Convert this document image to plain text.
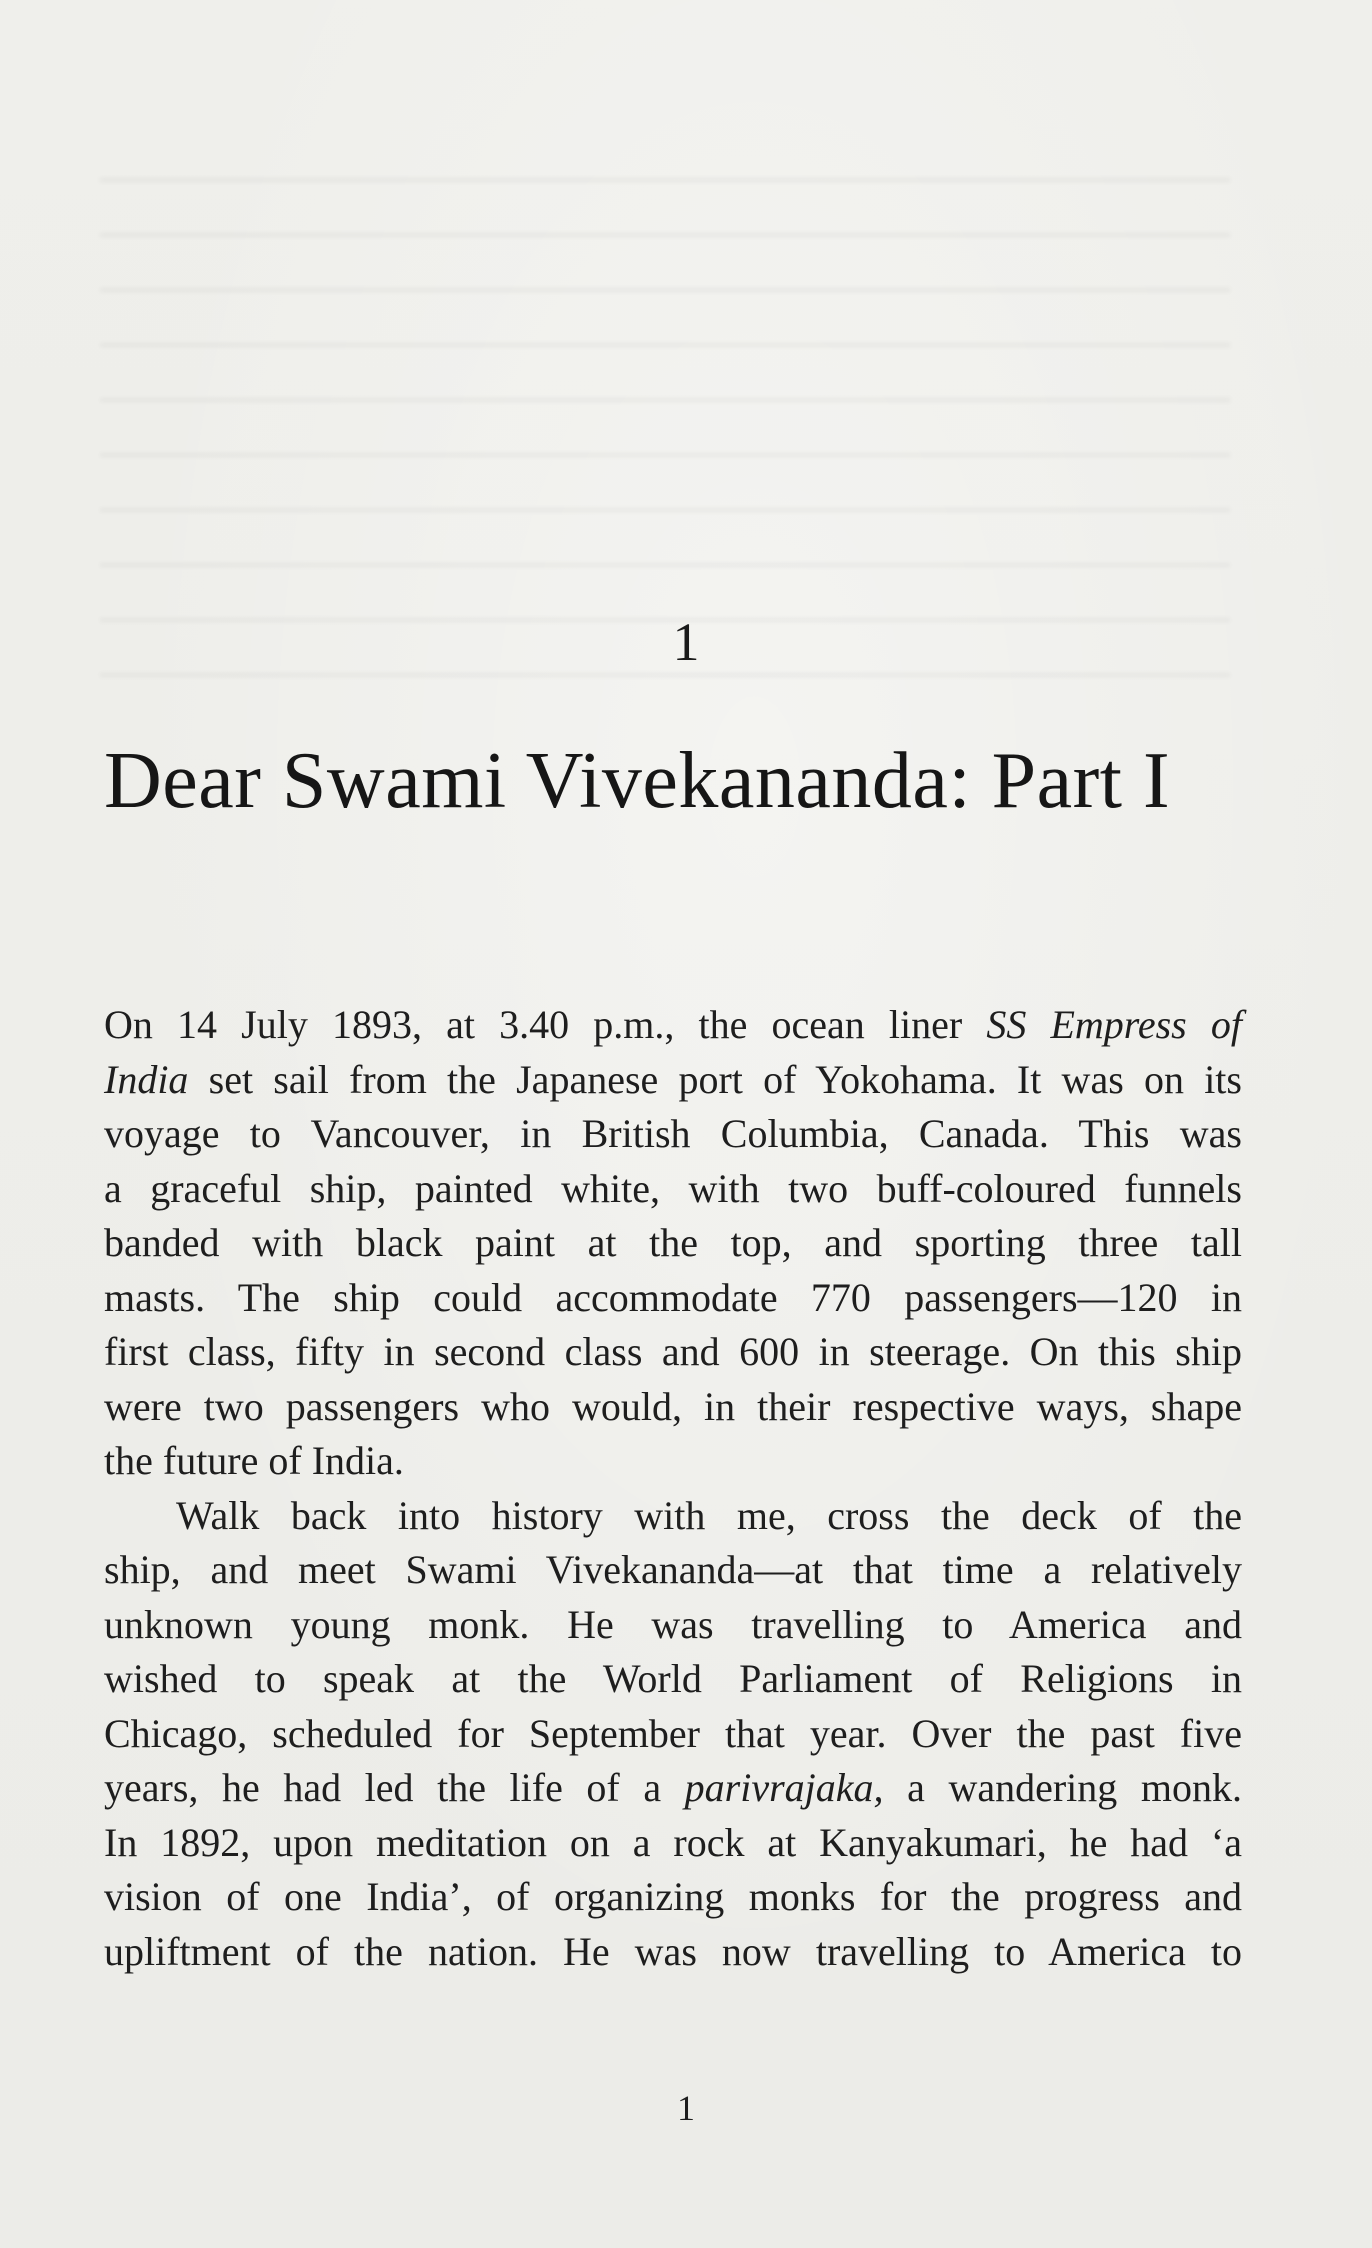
1
Dear Swami Vivekananda: Part I
On 14 July 1893, at 3.40 p.m., the ocean liner SS Empress of
India set sail from the Japanese port of Yokohama. It was on its
voyage to Vancouver, in British Columbia, Canada. This was
a graceful ship, painted white, with two buff-coloured funnels
banded with black paint at the top, and sporting three tall
masts. The ship could accommodate 770 passengers—120 in
first class, fifty in second class and 600 in steerage. On this ship
were two passengers who would, in their respective ways, shape
the future of India.
Walk back into history with me, cross the deck of the
ship, and meet Swami Vivekananda—at that time a relatively
unknown young monk. He was travelling to America and
wished to speak at the World Parliament of Religions in
Chicago, scheduled for September that year. Over the past five
years, he had led the life of a parivrajaka, a wandering monk.
In 1892, upon meditation on a rock at Kanyakumari, he had ‘a
vision of one India’, of organizing monks for the progress and
upliftment of the nation. He was now travelling to America to
1
